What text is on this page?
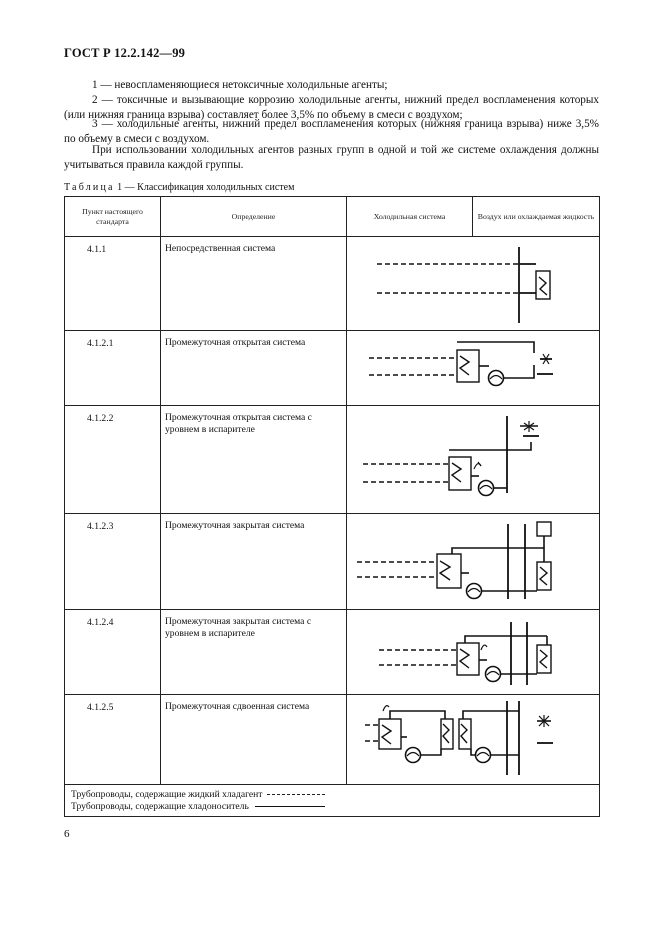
ГОСТ Р 12.2.142—99

1 — невоспламеняющиеся нетоксичные холодильные агенты;

2 — токсичные и вызывающие коррозию холодильные агенты, нижний предел воспламенения которых (или нижняя граница взрыва) составляет более 3,5% по объему в смеси с воздухом;

3 — холодильные агенты, нижний предел воспламенения которых (нижняя граница взрыва) ниже 3,5% по объему в смеси с воздухом.

При использовании холодильных агентов разных групп в одной и той же системе охлаждения должны учитываться правила каждой группы.

Таблица 1 — Классификация холодильных систем
Пункт настоящего стандарта	Определение	Холодильная система	Воздух или охлаждаемая жидкость
4.1.1	Непосредственная система	

4.1.2.1	Промежуточная открытая система	

4.1.2.2	Промежуточная открытая система с уровнем в испарителе	

4.1.2.3	Промежуточная закрытая система	

4.1.2.4	Промежуточная закрытая система с уровнем в испарителе	

4.1.2.5	Промежуточная сдвоенная система	

Трубопроводы, содержащие жидкий хладагент
Трубопроводы, содержащие хладоноситель			
6
